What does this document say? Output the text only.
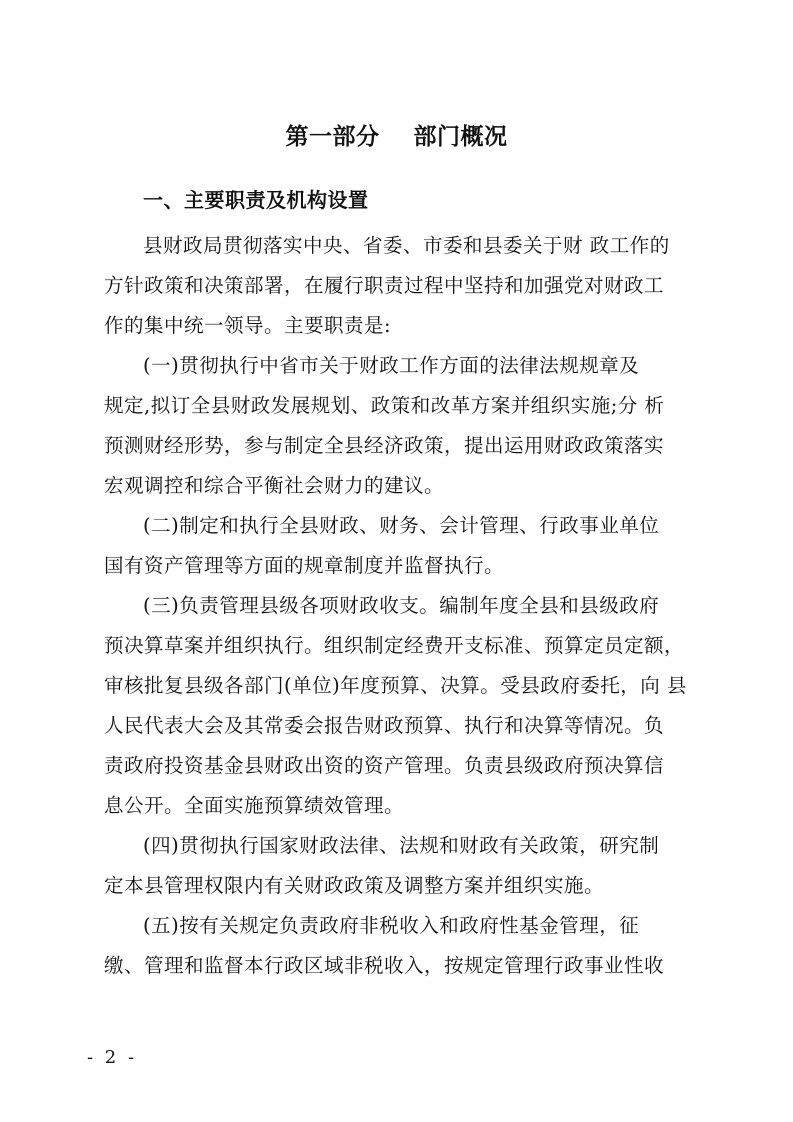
第一部分    部门概况
一、主要职责及机构设置
县财政局贯彻落实中央、省委、市委和县委关于财 政工作的
方针政策和决策部署，在履行职责过程中坚持和加强党对财政工
作的集中统一领导。主要职责是:
(一)贯彻执行中省市关于财政工作方面的法律法规规章及
规定,拟订全县财政发展规划、政策和改革方案并组织实施;分 析
预测财经形势，参与制定全县经济政策，提出运用财政政策落实
宏观调控和综合平衡社会财力的建议。
(二)制定和执行全县财政、财务、会计管理、行政事业单位
国有资产管理等方面的规章制度并监督执行。
(三)负责管理县级各项财政收支。编制年度全县和县级政府
预决算草案并组织执行。组织制定经费开支标准、预算定员定额，
审核批复县级各部门(单位)年度预算、决算。受县政府委托，向 县
人民代表大会及其常委会报告财政预算、执行和决算等情况。负
责政府投资基金县财政出资的资产管理。负责县级政府预决算信
息公开。全面实施预算绩效管理。
(四)贯彻执行国家财政法律、法规和财政有关政策，研究制
定本县管理权限内有关财政政策及调整方案并组织实施。
(五)按有关规定负责政府非税收入和政府性基金管理，征
缴、管理和监督本行政区域非税收入，按规定管理行政事业性收
- 2 -
